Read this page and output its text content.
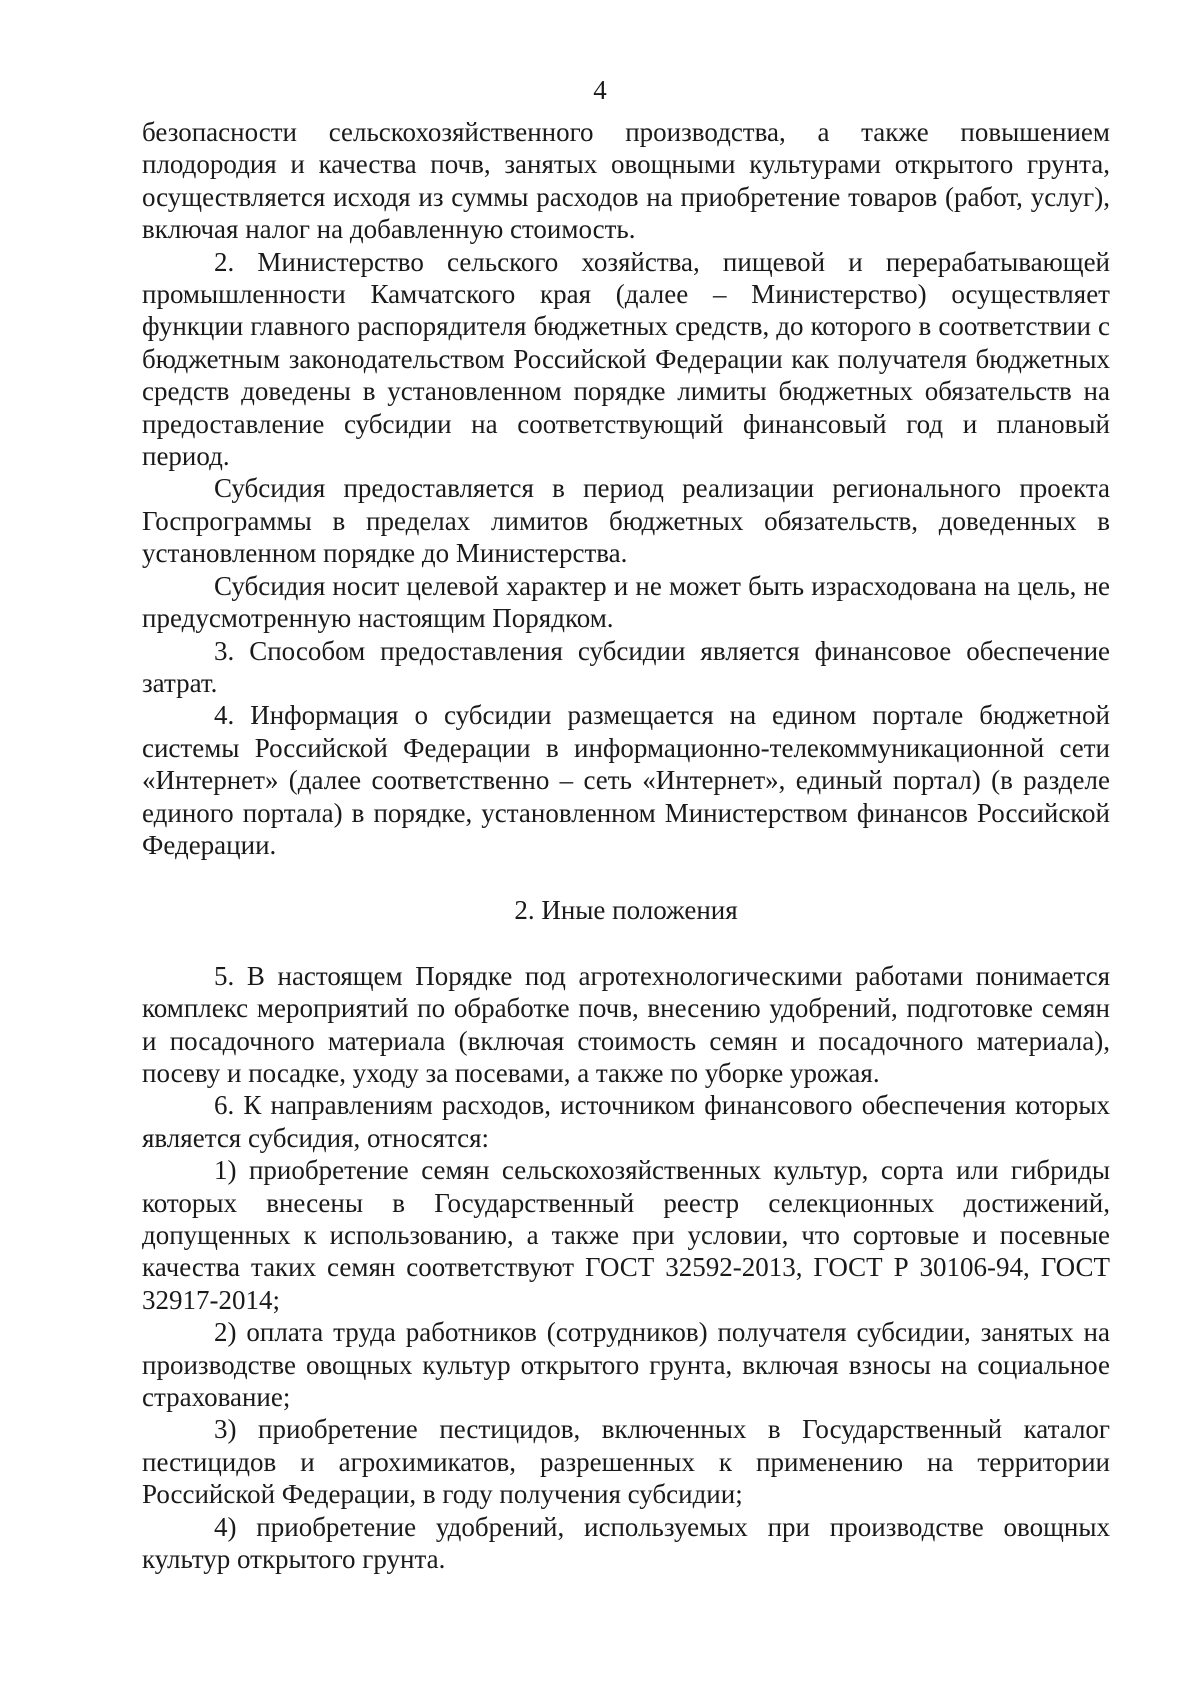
4

безопасности сельскохозяйственного производства, а также повышением плодородия и качества почв, занятых овощными культурами открытого грунта, осуществляется исходя из суммы расходов на приобретение товаров (работ, услуг), включая налог на добавленную стоимость.

2. Министерство сельского хозяйства, пищевой и перерабатывающей промышленности Камчатского края (далее – Министерство) осуществляет функции главного распорядителя бюджетных средств, до которого в соответствии с бюджетным законодательством Российской Федерации как получателя бюджетных средств доведены в установленном порядке лимиты бюджетных обязательств на предоставление субсидии на соответствующий финансовый год и плановый период.

Субсидия предоставляется в период реализации регионального проекта Госпрограммы в пределах лимитов бюджетных обязательств, доведенных в установленном порядке до Министерства.

Субсидия носит целевой характер и не может быть израсходована на цель, не предусмотренную настоящим Порядком.

3. Способом предоставления субсидии является финансовое обеспечение затрат.

4. Информация о субсидии размещается на едином портале бюджетной системы Российской Федерации в информационно-телекоммуникационной сети «Интернет» (далее соответственно – сеть «Интернет», единый портал) (в разделе единого портала) в порядке, установленном Министерством финансов Российской Федерации.

2. Иные положения

5. В настоящем Порядке под агротехнологическими работами понимается комплекс мероприятий по обработке почв, внесению удобрений, подготовке семян и посадочного материала (включая стоимость семян и посадочного материала), посеву и посадке, уходу за посевами, а также по уборке урожая.

6. К направлениям расходов, источником финансового обеспечения которых является субсидия, относятся:

1) приобретение семян сельскохозяйственных культур, сорта или гибриды которых внесены в Государственный реестр селекционных достижений, допущенных к использованию, а также при условии, что сортовые и посевные качества таких семян соответствуют ГОСТ 32592-2013, ГОСТ Р 30106-94, ГОСТ 32917-2014;

2) оплата труда работников (сотрудников) получателя субсидии, занятых на производстве овощных культур открытого грунта, включая взносы на социальное страхование;

3) приобретение пестицидов, включенных в Государственный каталог пестицидов и агрохимикатов, разрешенных к применению на территории Российской Федерации, в году получения субсидии;

4) приобретение удобрений, используемых при производстве овощных культур открытого грунта.
